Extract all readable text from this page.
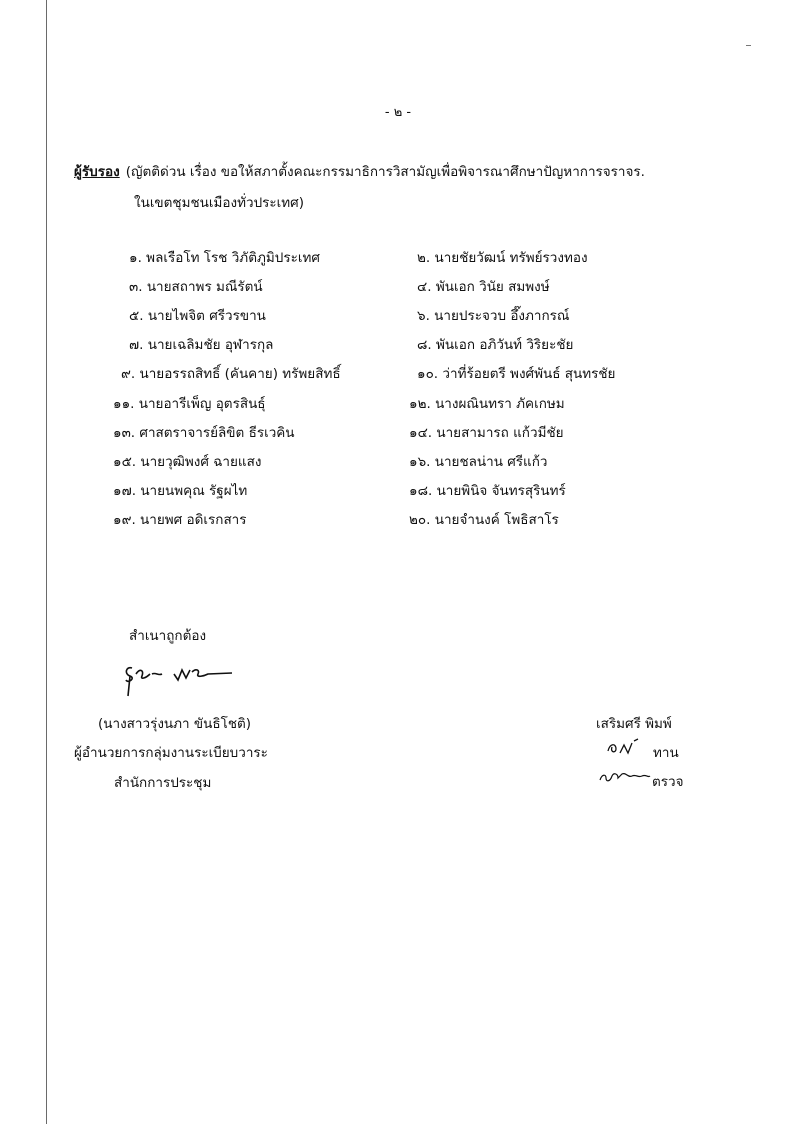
- ๒ -
ผู้รับรอง (ญัตติด่วน เรื่อง ขอให้สภาตั้งคณะกรรมาธิการวิสามัญเพื่อพิจารณาศึกษาปัญหาการจราจร.
ในเขตชุมชนเมืองทั่วประเทศ)
๑. พลเรือโท โรช วิภัติภูมิประเทศ	๒. นายชัยวัฒน์ ทรัพย์รวงทอง
๓. นายสถาพร มณีรัตน์	๔. พันเอก วินัย สมพงษ์
๕. นายไพจิต ศรีวรขาน	๖. นายประจวบ อึ๊งภากรณ์
๗. นายเฉลิมชัย อุฬารกุล	๘. พันเอก อภิวันท์ วิริยะชัย
๙. นายอรรถสิทธิ์ (คันคาย) ทรัพยสิทธิ์	๑๐. ว่าที่ร้อยตรี พงศ์พันธ์ สุนทรชัย
๑๑. นายอารีเพ็ญ อุตรสินธุ์	๑๒. นางผณินทรา ภัคเกษม
๑๓. ศาสตราจารย์ลิขิต ธีรเวคิน	๑๔. นายสามารถ แก้วมีชัย
๑๕. นายวุฒิพงศ์ ฉายแสง	๑๖. นายชลน่าน ศรีแก้ว
๑๗. นายนพคุณ รัฐผไท	๑๘. นายพินิจ จันทรสุรินทร์
๑๙. นายพศ อดิเรกสาร	๒๐. นายจำนงค์ โพธิสาโร
สำเนาถูกต้อง
(นางสาวรุ่งนภา ขันธิโชติ)
ผู้อำนวยการกลุ่มงานระเบียบวาระ
สำนักการประชุม
เสริมศรี พิมพ์
ทาน
ตรวจ
